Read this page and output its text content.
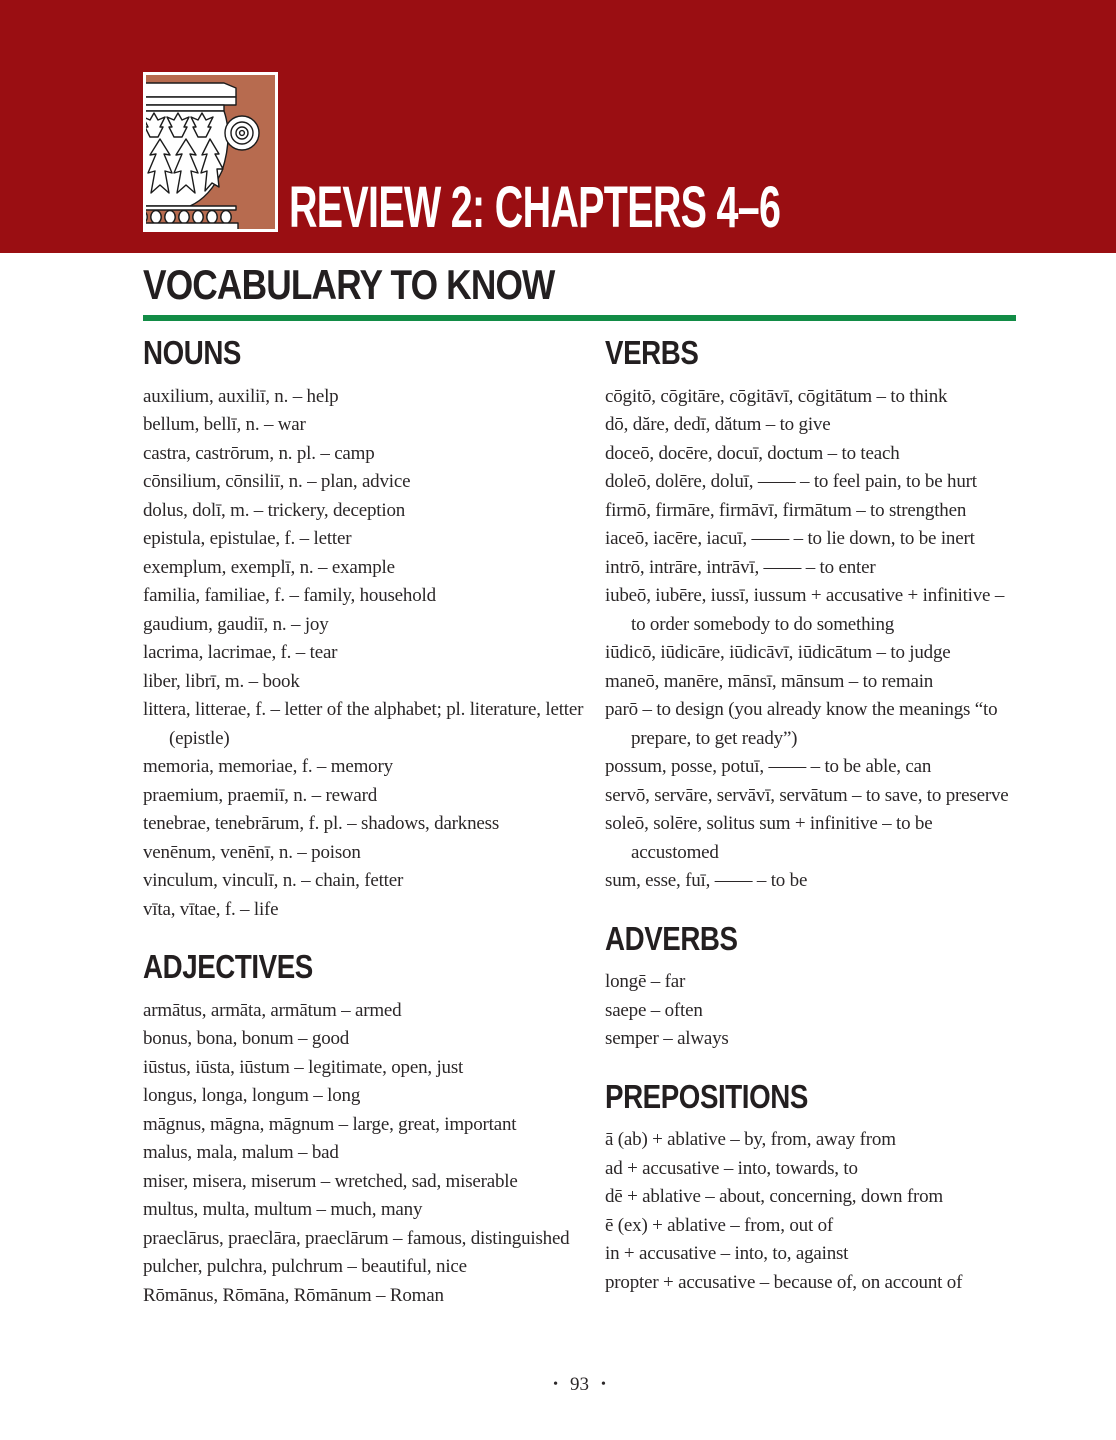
REVIEW 2: CHAPTERS 4–6
VOCABULARY TO KNOW
NOUNS

auxilium, auxiliī, n. – help

bellum, bellī, n. – war

castra, castrōrum, n. pl. – camp

cōnsilium, cōnsiliī, n. – plan, advice

dolus, dolī, m. – trickery, deception

epistula, epistulae, f. – letter

exemplum, exemplī, n. – example

familia, familiae, f. – family, household

gaudium, gaudiī, n. – joy

lacrima, lacrimae, f. – tear

liber, librī, m. – book

littera, litterae, f. – letter of the alphabet; pl. literature, letter (epistle)

memoria, memoriae, f. – memory

praemium, praemiī, n. – reward

tenebrae, tenebrārum, f. pl. – shadows, darkness

venēnum, venēnī, n. – poison

vinculum, vinculī, n. – chain, fetter

vīta, vītae, f. – life

ADJECTIVES

armātus, armāta, armātum – armed

bonus, bona, bonum – good

iūstus, iūsta, iūstum – legitimate, open, just

longus, longa, longum – long

māgnus, māgna, māgnum – large, great, important

malus, mala, malum – bad

miser, misera, miserum – wretched, sad, miserable

multus, multa, multum – much, many

praeclārus, praeclāra, praeclārum – famous, distinguished

pulcher, pulchra, pulchrum – beautiful, nice

Rōmānus, Rōmāna, Rōmānum – Roman

VERBS

cōgitō, cōgitāre, cōgitāvī, cōgitātum – to think

dō, dăre, dedī, dătum – to give

doceō, docēre, docuī, doctum – to teach

doleō, dolēre, doluī, —— – to feel pain, to be hurt

firmō, firmāre, firmāvī, firmātum – to strengthen

iaceō, iacēre, iacuī, —— – to lie down, to be inert

intrō, intrāre, intrāvī, —— – to enter

iubeō, iubēre, iussī, iussum + accusative + infinitive – to order somebody to do something

iūdicō, iūdicāre, iūdicāvī, iūdicātum – to judge

maneō, manēre, mānsī, mānsum – to remain

parō – to design (you already know the meanings “to prepare, to get ready”)

possum, posse, potuī, —— – to be able, can

servō, servāre, servāvī, servātum – to save, to preserve

soleō, solēre, solitus sum + infinitive – to be accustomed

sum, esse, fuī, —— – to be

ADVERBS

longē – far

saepe – often

semper – always

PREPOSITIONS

ā (ab) + ablative – by, from, away from

ad + accusative – into, towards, to

dē + ablative – about, concerning, down from

ē (ex) + ablative – from, out of

in + accusative – into, to, against

propter + accusative – because of, on account of

• 93 •
